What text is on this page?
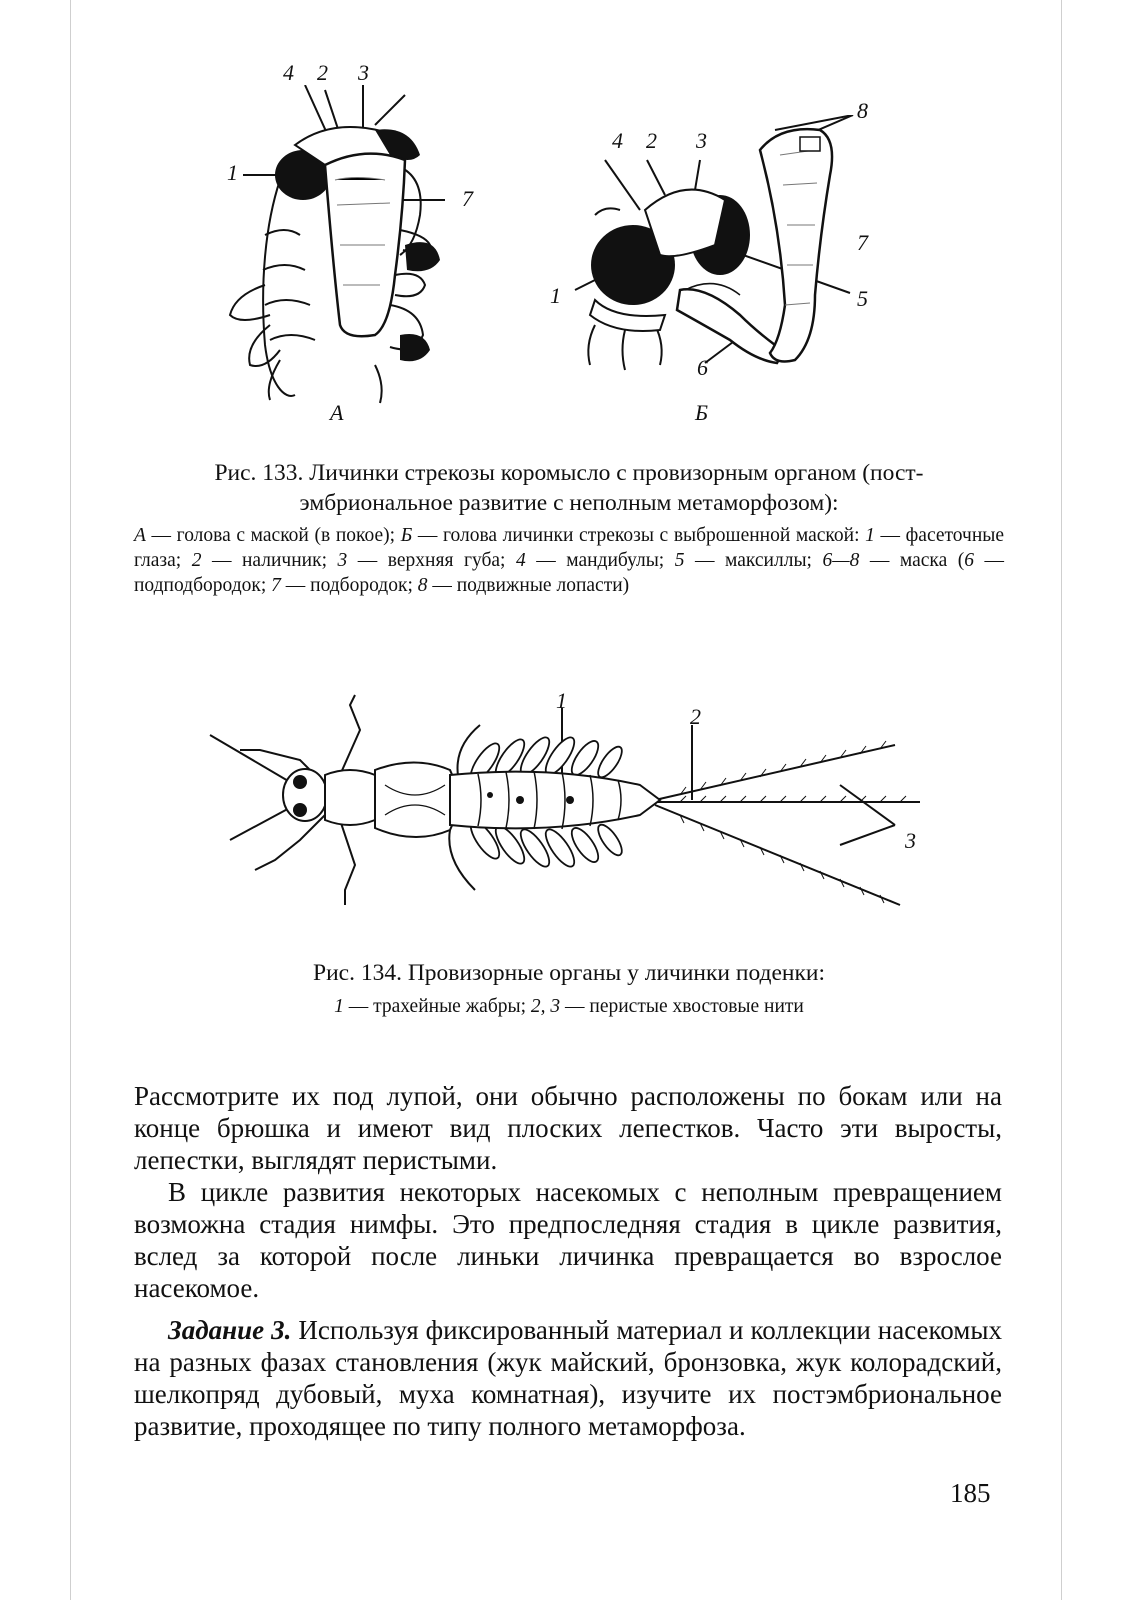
4 2 3
1
7
А
4 2 3
8
7
1	5
6
Б
Рис. 133. Личинки стрекозы коромысло с провизорным органом (пост-
эмбриональное развитие с неполным метаморфозом):
А — голова с маской (в покое); Б — голова личинки стрекозы с выброшенной маской: 1 — фасеточные глаза; 2 — наличник; 3 — верхняя губа; 4 — мандибулы; 5 — максиллы; 6—8 — маска (6 — подподбородок; 7 — подбородок; 8 — подвижные лопасти)
1
2
3
Рис. 134. Провизорные органы у личинки поденки:
1 — трахейные жабры; 2, 3 — перистые хвостовые нити

Рассмотрите их под лупой, они обычно расположены по бокам или на конце брюшка и имеют вид плоских лепестков. Часто эти выросты, лепестки, выглядят перистыми.

В цикле развития некоторых насекомых с неполным превращением возможна стадия нимфы. Это предпоследняя стадия в цикле развития, вслед за которой после линьки личинка превращается во взрослое насекомое.

Задание 3. Используя фиксированный материал и коллекции насекомых на разных фазах становления (жук майский, бронзовка, жук колорадский, шелкопряд дубовый, муха комнатная), изучите их постэмбриональное развитие, проходящее по типу полного метаморфоза.

185
